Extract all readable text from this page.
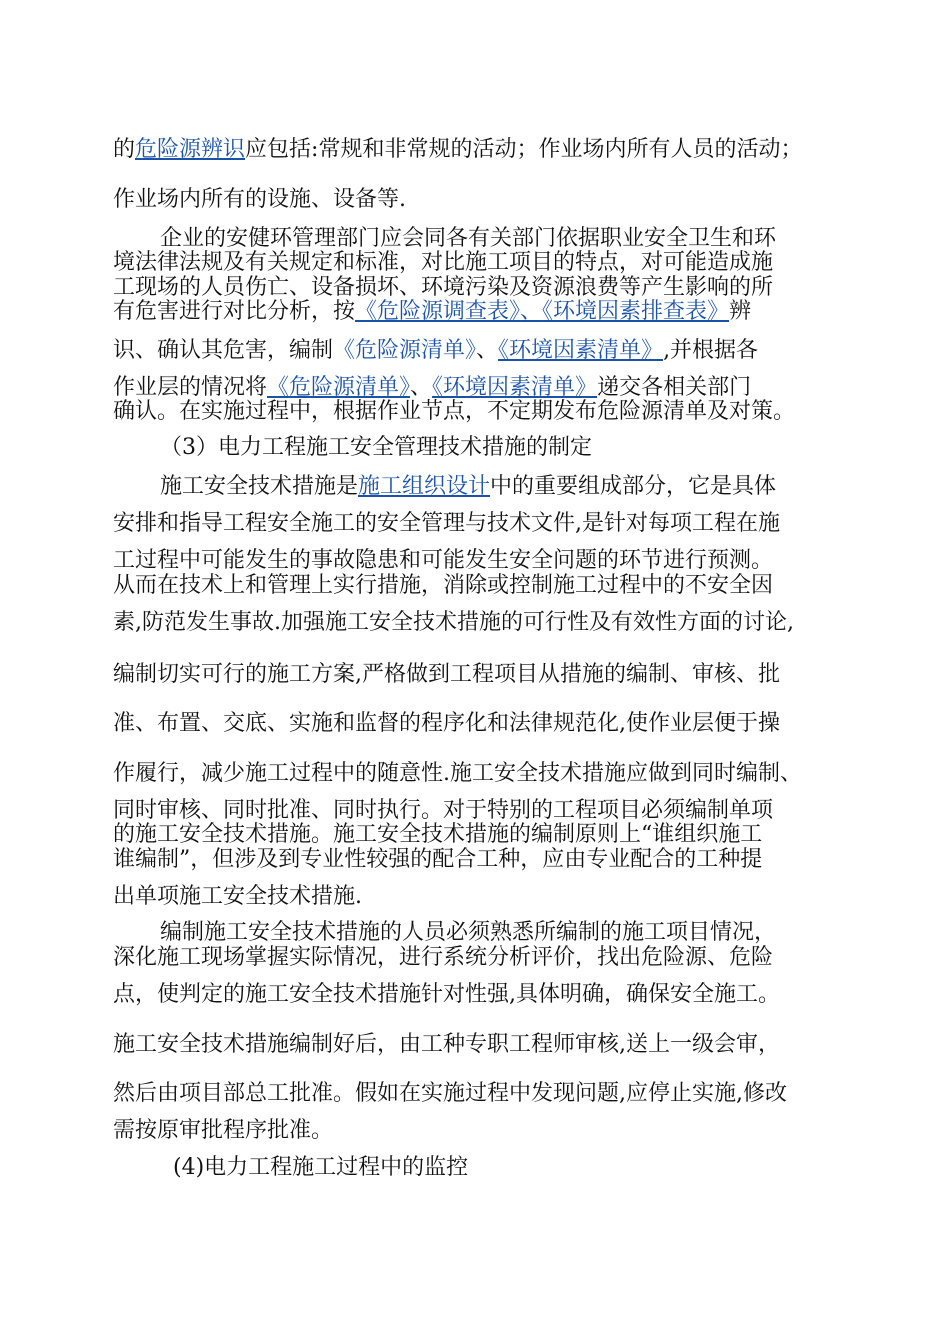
的危险源辨识应包括:常规和非常规的活动；作业场内所有人员的活动；
作业场内所有的设施、设备等.
企业的安健环管理部门应会同各有关部门依据职业安全卫生和环
境法律法规及有关规定和标准，对比施工项目的特点，对可能造成施
工现场的人员伤亡、设备损坏、环境污染及资源浪费等产生影响的所
有危害进行对比分析，按《危险源调查表》、《环境因素排查表》辨
识、确认其危害，编制《危险源清单》、《环境因素清单》,并根据各
作业层的情况将《危险源清单》、《环境因素清单》递交各相关部门
确认。在实施过程中，根据作业节点，不定期发布危险源清单及对策。
（3）电力工程施工安全管理技术措施的制定
施工安全技术措施是施工组织设计中的重要组成部分，它是具体
安排和指导工程安全施工的安全管理与技术文件,是针对每项工程在施
工过程中可能发生的事故隐患和可能发生安全问题的环节进行预测。
从而在技术上和管理上实行措施，消除或控制施工过程中的不安全因
素,防范发生事故.加强施工安全技术措施的可行性及有效性方面的讨论,
编制切实可行的施工方案,严格做到工程项目从措施的编制、审核、批
准、布置、交底、实施和监督的程序化和法律规范化,使作业层便于操
作履行，减少施工过程中的随意性.施工安全技术措施应做到同时编制、
同时审核、同时批准、同时执行。对于特别的工程项目必须编制单项
的施工安全技术措施。施工安全技术措施的编制原则上“谁组织施工
谁编制”，但涉及到专业性较强的配合工种，应由专业配合的工种提
出单项施工安全技术措施.
编制施工安全技术措施的人员必须熟悉所编制的施工项目情况，
深化施工现场掌握实际情况，进行系统分析评价，找出危险源、危险
点，使判定的施工安全技术措施针对性强,具体明确，确保安全施工。
施工安全技术措施编制好后，由工种专职工程师审核,送上一级会审，
然后由项目部总工批准。假如在实施过程中发现问题,应停止实施,修改
需按原审批程序批准。
(4)电力工程施工过程中的监控
